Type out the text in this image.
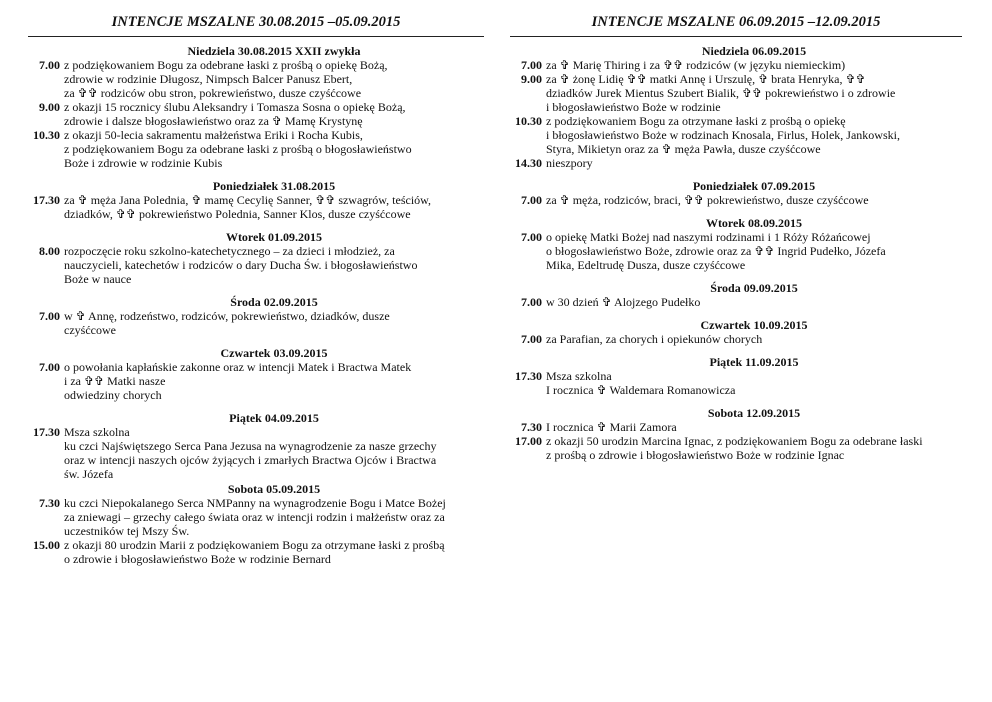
INTENCJE MSZALNE 30.08.2015 –05.09.2015
Niedziela 30.08.2015 XXII zwykła
7.00 z podziękowaniem Bogu za odebrane łaski z prośbą o opiekę Bożą,
zdrowie w rodzinie Długosz, Nimpsch Balcer Panusz Ebert,
za ✞✞ rodziców obu stron, pokrewieństwo, dusze czyśćcowe
9.00 z okazji 15 rocznicy ślubu Aleksandry i Tomasza Sosna o opiekę Bożą,
zdrowie i dalsze błogosławieństwo oraz za ✞ Mamę Krystynę
10.30 z okazji 50-lecia sakramentu małżeństwa Eriki i Rocha Kubis,
z podziękowaniem Bogu za odebrane łaski z prośbą o błogosławieństwo
Boże i zdrowie w rodzinie Kubis
Poniedziałek 31.08.2015
17.30 za ✞ męża Jana Polednia, ✞ mamę Cecylię Sanner, ✞✞ szwagrów, teściów,
dziadków, ✞✞ pokrewieństwo Polednia, Sanner Klos, dusze czyśćcowe
Wtorek 01.09.2015
8.00 rozpoczęcie roku szkolno-katechetycznego – za dzieci i młodzież, za
nauczycieli, katechetów i rodziców o dary Ducha Św. i błogosławieństwo
Boże w nauce
Środa 02.09.2015
7.00 w ✞ Annę, rodzeństwo, rodziców, pokrewieństwo, dziadków, dusze
czyśćcowe
Czwartek 03.09.2015
7.00 o powołania kapłańskie zakonne oraz w intencji Matek i Bractwa Matek
i za ✞✞ Matki nasze
odwiedziny chorych
Piątek 04.09.2015
17.30 Msza szkolna
ku czci Najświętszego Serca Pana Jezusa na wynagrodzenie za nasze grzechy
oraz w intencji naszych ojców żyjących i zmarłych Bractwa Ojców i Bractwa
św. Józefa
Sobota 05.09.2015
7.30 ku czci Niepokalanego Serca NMPanny na wynagrodzenie Bogu i Matce Bożej
za zniewagi – grzechy całego świata oraz w intencji rodzin i małżeństw oraz za
uczestników tej Mszy Św.
15.00 z okazji 80 urodzin Marii z podziękowaniem Bogu za otrzymane łaski z prośbą
o zdrowie i błogosławieństwo Boże w rodzinie Bernard
INTENCJE MSZALNE 06.09.2015 –12.09.2015
Niedziela 06.09.2015
7.00 za ✞ Marię Thiring i za ✞✞ rodziców (w języku niemieckim)
9.00 za ✞ żonę Lidię ✞✞ matki Annę i Urszulę, ✞ brata Henryka, ✞✞
dziadków Jurek Mientus Szubert Bialik, ✞✞ pokrewieństwo i o zdrowie
i błogosławieństwo Boże w rodzinie
10.30 z podziękowaniem Bogu za otrzymane łaski z prośbą o opiekę
i błogosławieństwo Boże w rodzinach Knosala, Firlus, Holek, Jankowski,
Styra, Mikietyn oraz za ✞ męża Pawła, dusze czyśćcowe
14.30 nieszpory
Poniedziałek 07.09.2015
7.00 za ✞ męża, rodziców, braci, ✞✞ pokrewieństwo, dusze czyśćcowe
Wtorek 08.09.2015
7.00 o opiekę Matki Bożej nad naszymi rodzinami i 1 Róży Różańcowej
o błogosławieństwo Boże, zdrowie oraz za ✞✞ Ingrid Pudełko, Józefa
Mika, Edeltrudę Dusza, dusze czyśćcowe
Środa 09.09.2015
7.00 w 30 dzień ✞ Alojzego Pudełko
Czwartek 10.09.2015
7.00 za Parafian, za chorych i opiekunów chorych
Piątek 11.09.2015
17.30 Msza szkolna
I rocznica ✞ Waldemara Romanowicza
Sobota 12.09.2015
7.30 I rocznica ✞ Marii Zamora
17.00 z okazji 50 urodzin Marcina Ignac, z podziękowaniem Bogu za odebrane łaski
z prośbą o zdrowie i błogosławieństwo Boże w rodzinie Ignac
